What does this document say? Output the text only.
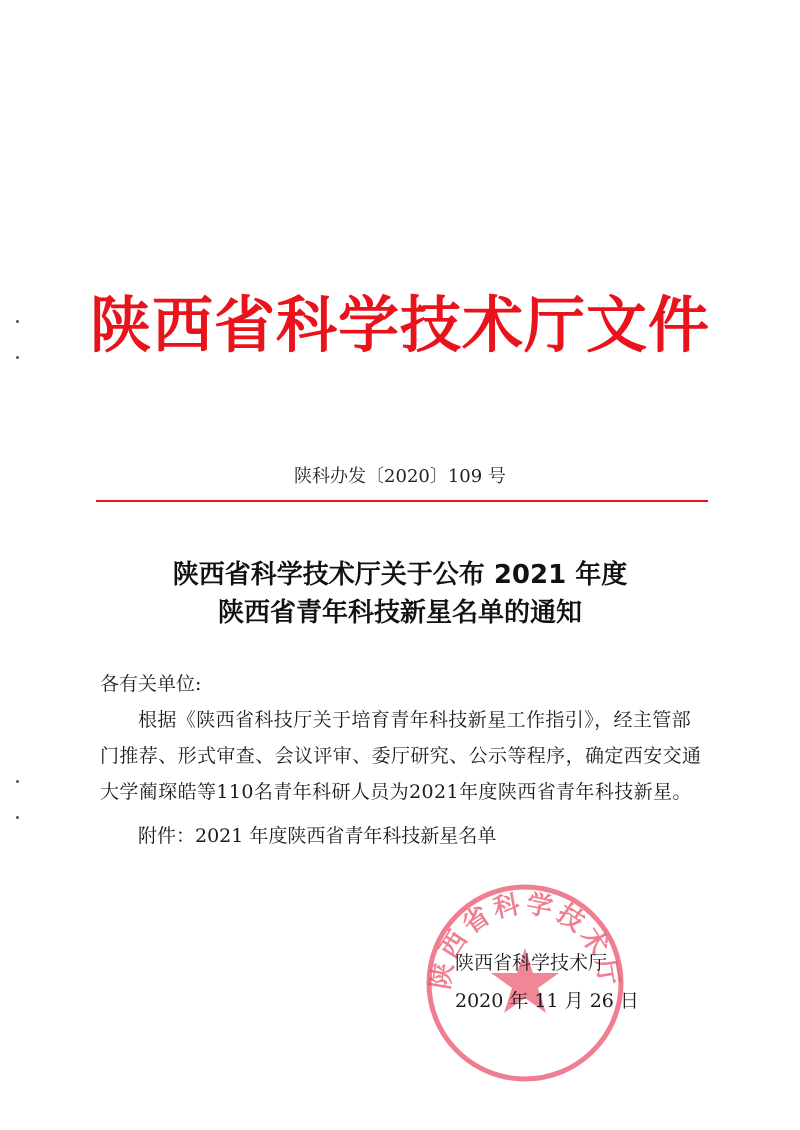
陕西省科学技术厅文件
陕科办发〔2020〕109 号
陕西省科学技术厅关于公布 2021 年度
陕西省青年科技新星名单的通知

各有关单位:

根据《陕西省科技厅关于培育青年科技新星工作指引》，经主管部门推荐、形式审查、会议评审、委厅研究、公示等程序，确定西安交通大学蔺琛皓等110名青年科研人员为2021年度陕西省青年科技新星。

附件：2021 年度陕西省青年科技新星名单

陕西省科学技术厅
陕西省科学技术厅
2020 年 11 月 26 日
